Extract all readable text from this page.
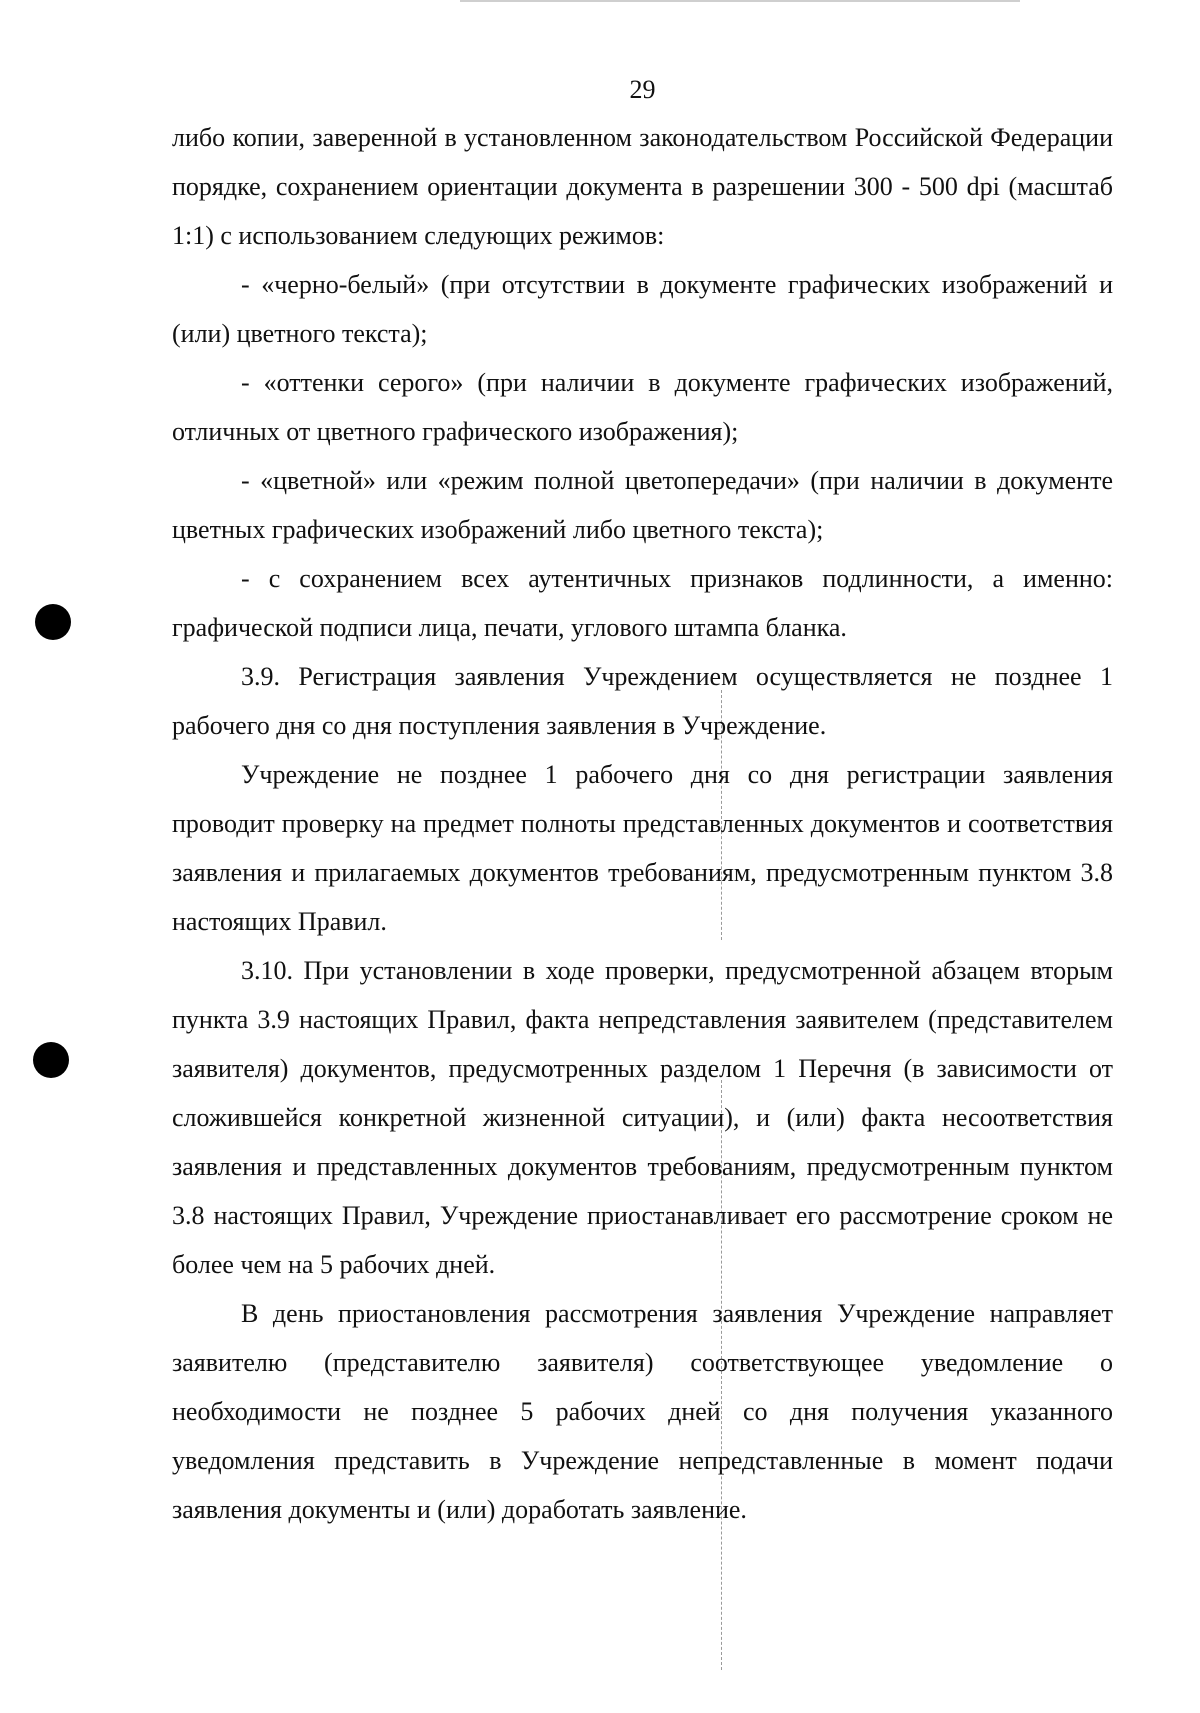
29

либо копии, заверенной в установленном законодательством Российской Федерации порядке, сохранением ориентации документа в разрешении 300 - 500 dpi (масштаб 1:1) с использованием следующих режимов:

- «черно-белый» (при отсутствии в документе графических изображений и (или) цветного текста);

- «оттенки серого» (при наличии в документе графических изображений, отличных от цветного графического изображения);

- «цветной» или «режим полной цветопередачи» (при наличии в документе цветных графических изображений либо цветного текста);

- с сохранением всех аутентичных признаков подлинности, а именно: графической подписи лица, печати, углового штампа бланка.

3.9. Регистрация заявления Учреждением осуществляется не позднее 1 рабочего дня со дня поступления заявления в Учреждение.

Учреждение не позднее 1 рабочего дня со дня регистрации заявления проводит проверку на предмет полноты представленных документов и соответствия заявления и прилагаемых документов требованиям, предусмотренным пунктом 3.8 настоящих Правил.

3.10. При установлении в ходе проверки, предусмотренной абзацем вторым пункта 3.9 настоящих Правил, факта непредставления заявителем (представителем заявителя) документов, предусмотренных разделом 1 Перечня (в зависимости от сложившейся конкретной жизненной ситуации), и (или) факта несоответствия заявления и представленных документов требованиям, предусмотренным пунктом 3.8 настоящих Правил, Учреждение приостанавливает его рассмотрение сроком не более чем на 5 рабочих дней.

В день приостановления рассмотрения заявления Учреждение направляет заявителю (представителю заявителя) соответствующее уведомление о необходимости не позднее 5 рабочих дней со дня получения указанного уведомления представить в Учреждение непредставленные в момент подачи заявления документы и (или) доработать заявление.
